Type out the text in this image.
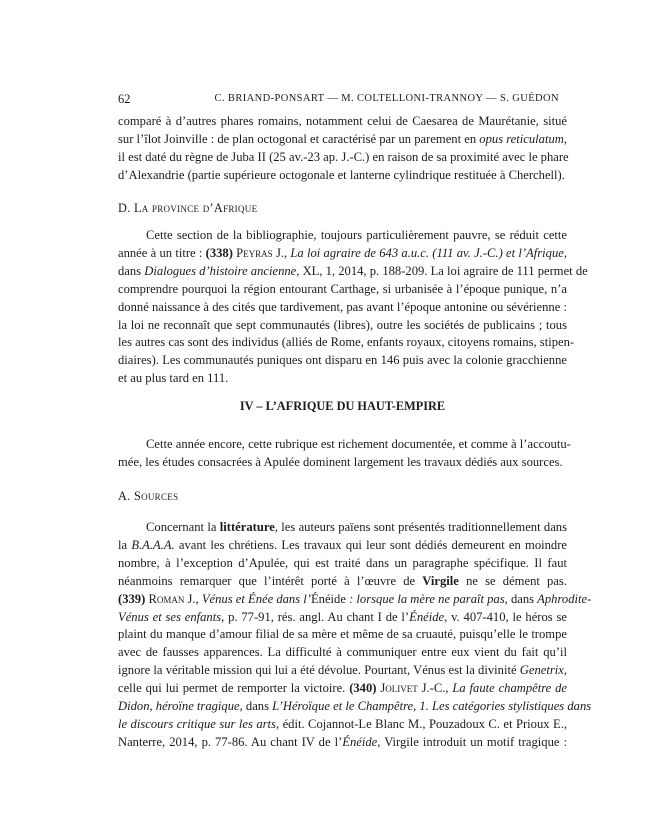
62	C. BRIAND-PONSART — M. COLTELLONI-TRANNOY — S. GUÉDON
comparé à d’autres phares romains, notamment celui de Caesarea de Maurétanie, situé
sur l’îlot Joinville : de plan octogonal et caractérisé par un parement en opus reticulatum,
il est daté du règne de Juba II (25 av.-23 ap. J.-C.) en raison de sa proximité avec le phare
d’Alexandrie (partie supérieure octogonale et lanterne cylindrique restituée à Cherchell).
D. La province d’Afrique
Cette section de la bibliographie, toujours particulièrement pauvre, se réduit cette
année à un titre : (338) Peyras J., La loi agraire de 643 a.u.c. (111 av. J.-C.) et l’Afrique,
dans Dialogues d’histoire ancienne, XL, 1, 2014, p. 188-209. La loi agraire de 111 permet de
comprendre pourquoi la région entourant Carthage, si urbanisée à l’époque punique, n’a
donné naissance à des cités que tardivement, pas avant l’époque antonine ou sévérienne :
la loi ne reconnaît que sept communautés (libres), outre les sociétés de publicains ; tous
les autres cas sont des individus (alliés de Rome, enfants royaux, citoyens romains, stipen-
diaires). Les communautés puniques ont disparu en 146 puis avec la colonie gracchienne
et au plus tard en 111.
IV – L’AFRIQUE DU HAUT-EMPIRE
Cette année encore, cette rubrique est richement documentée, et comme à l’accoutu-
mée, les études consacrées à Apulée dominent largement les travaux dédiés aux sources.
A. Sources
Concernant la littérature, les auteurs païens sont présentés traditionnellement dans
la B.A.A.A. avant les chrétiens. Les travaux qui leur sont dédiés demeurent en moindre
nombre, à l’exception d’Apulée, qui est traité dans un paragraphe spécifique. Il faut
néanmoins remarquer que l’intérêt porté à l’œuvre de Virgile ne se dément pas.
(339) Roman J., Vénus et Énée dans l’Énéide : lorsque la mère ne paraît pas, dans Aphrodite-
Vénus et ses enfants, p. 77-91, rés. angl. Au chant I de l’Énéide, v. 407-410, le héros se
plaint du manque d’amour filial de sa mère et même de sa cruauté, puisqu’elle le trompe
avec de fausses apparences. La difficulté à communiquer entre eux vient du fait qu’il
ignore la véritable mission qui lui a été dévolue. Pourtant, Vénus est la divinité Genetrix,
celle qui lui permet de remporter la victoire. (340) Jolivet J.-C., La faute champêtre de
Didon, héroïne tragique, dans L’Héroïque et le Champêtre, 1. Les catégories stylistiques dans
le discours critique sur les arts, édit. Cojannot-Le Blanc M., Pouzadoux C. et Prioux E.,
Nanterre, 2014, p. 77-86. Au chant IV de l’Énéide, Virgile introduit un motif tragique :
